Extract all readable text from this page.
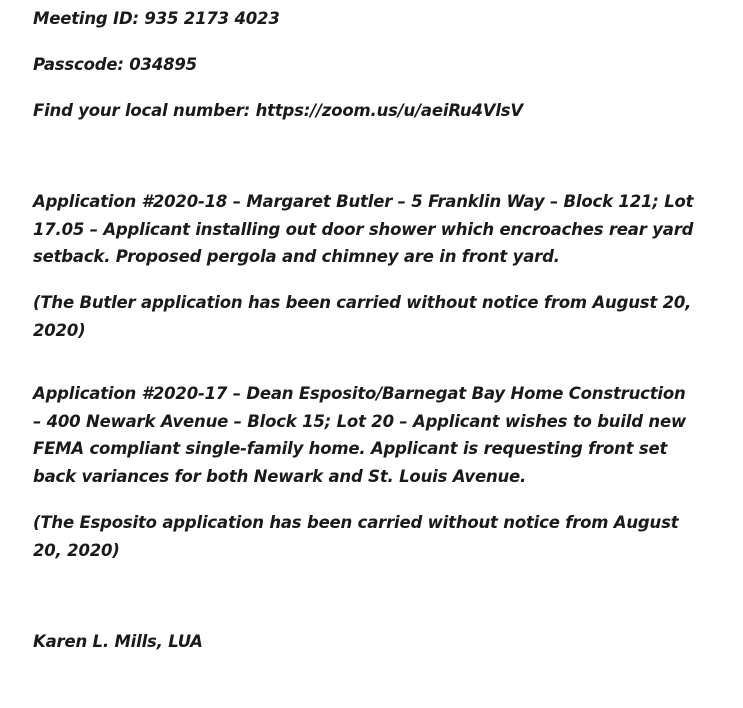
Meeting ID: 935 2173 4023

Passcode: 034895

Find your local number: https://zoom.us/u/aeiRu4VlsV

Application #2020-18 – Margaret Butler – 5 Franklin Way – Block 121; Lot 17.05 – Applicant installing out door shower which encroaches rear yard setback. Proposed pergola and chimney are in front yard.

(The Butler application has been carried without notice from August 20, 2020)

Application #2020-17 – Dean Esposito/Barnegat Bay Home Construction – 400 Newark Avenue – Block 15; Lot 20 – Applicant wishes to build new FEMA compliant single-family home. Applicant is requesting front set back variances for both Newark and St. Louis Avenue.

(The Esposito application has been carried without notice from August 20, 2020)

Karen L. Mills, LUA
